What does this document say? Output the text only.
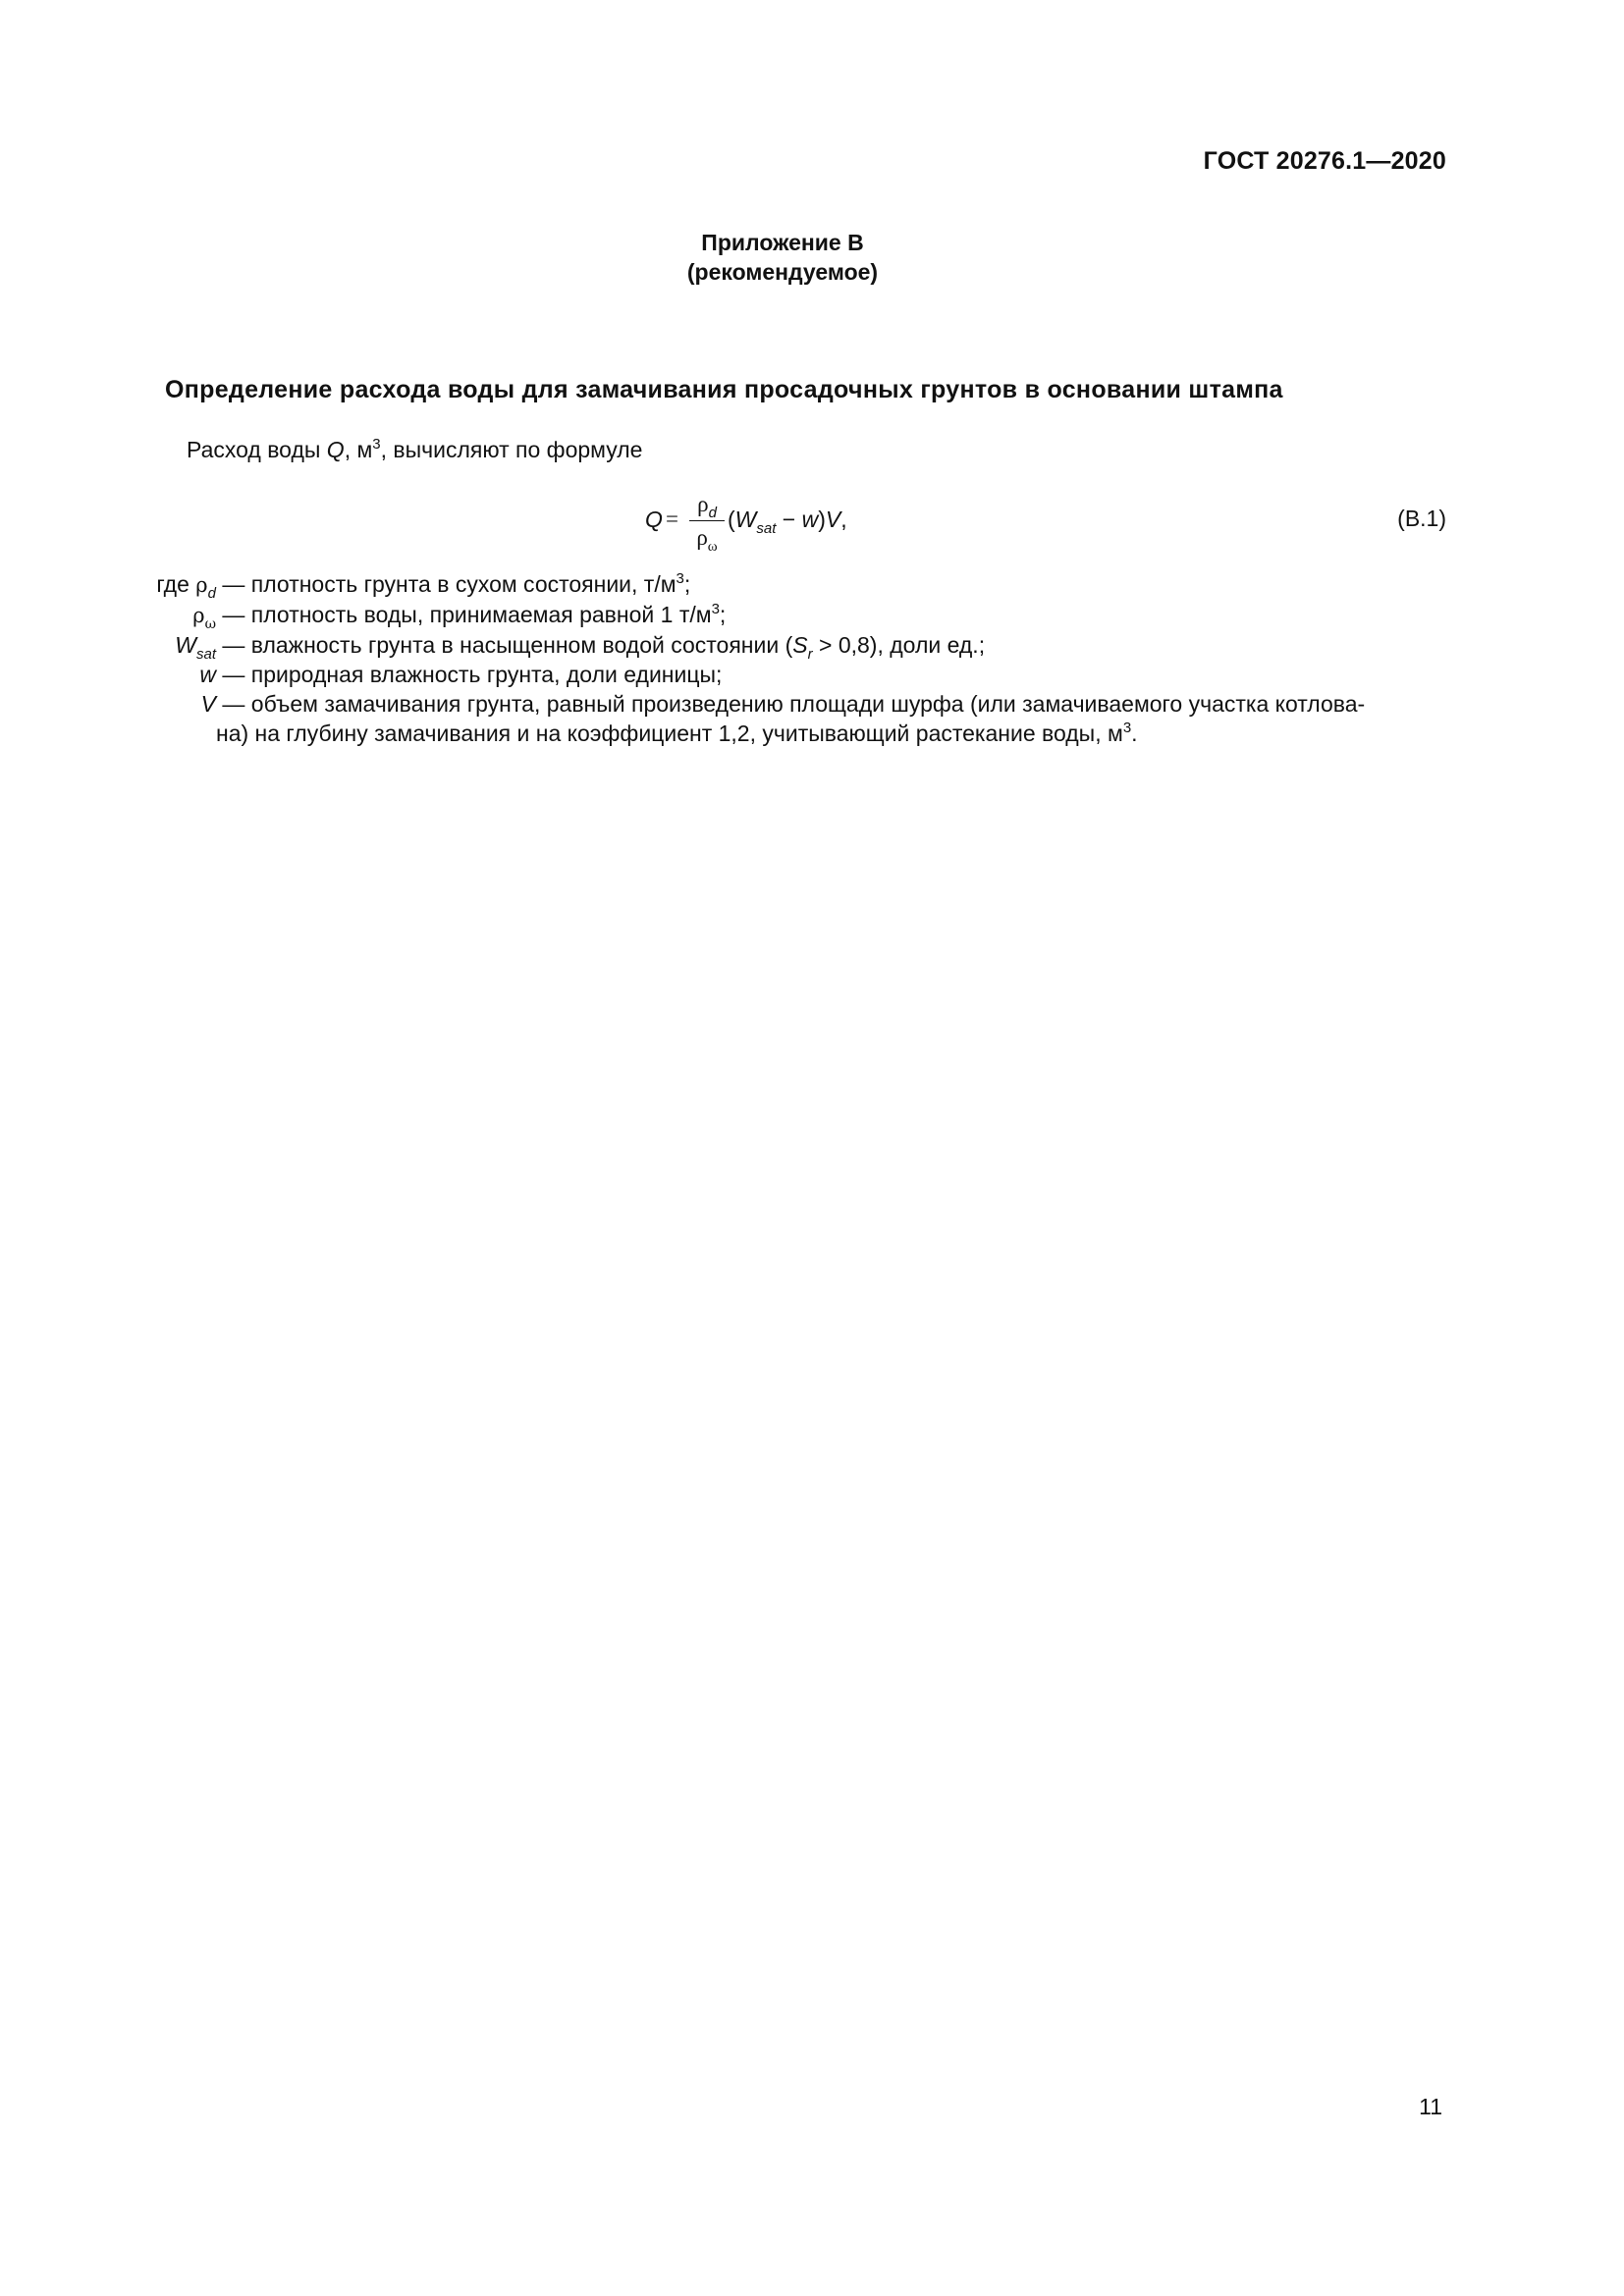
ГОСТ 20276.1—2020
Приложение В
(рекомендуемое)
Определение расхода воды для замачивания просадочных грунтов в основании штампа
Расход воды Q, $м^3$, вычисляют по формуле
Q =
$\rho_d$
$\rho_\omega$
$(W_{sat} - w)V$,	(В.1)
где $\rho_d$ — плотность грунта в сухом состоянии, $т/м^3$;
$\rho_\omega$ — плотность воды, принимаемая равной 1 $т/м^3$;
$W_{sat}$ — влажность грунта в насыщенном водой состоянии $(S_r > 0,8)$, доли ед.;
w — природная влажность грунта, доли единицы;
V — объем замачивания грунта, равный произведению площади шурфа (или замачиваемого участка котлова-
на) на глубину замачивания и на коэффициент 1,2, учитывающий растекание воды, $м^3$.
11
